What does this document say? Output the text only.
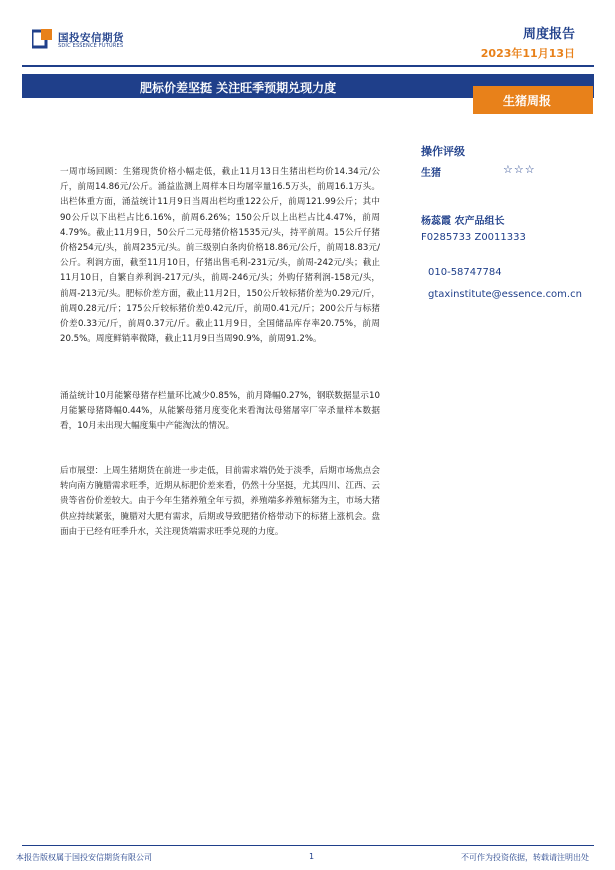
国投安信期货
SDIC ESSENCE FUTURES
周度报告
2023年11月13日
肥标价差坚挺 关注旺季预期兑现力度
生猪周报
一周市场回顾：生猪现货价格小幅走低，截止11月13日生猪出栏均价14.34元/公斤，前周14.86元/公斤。涌益监测上周样本日均屠宰量16.5万头，前周16.1万头。出栏体重方面，涌益统计11月9日当周出栏均重122公斤，前周121.99公斤；其中90公斤以下出栏占比6.16%，前周6.26%；150公斤以上出栏占比4.47%，前周4.79%。截止11月9日，50公斤二元母猪价格1535元/头，持平前周。15公斤仔猪价格254元/头，前周235元/头。前三级别白条肉价格18.86元/公斤，前周18.83元/公斤。利润方面，截至11月10日，仔猪出售毛利-231元/头，前周-242元/头；截止11月10日，自繁自养利润-217元/头，前周-246元/头；外购仔猪利润-158元/头，前周-213元/头。肥标价差方面，截止11月2日，150公斤较标猪价差为0.29元/斤，前周0.28元/斤；175公斤较标猪价差0.42元/斤，前周0.41元/斤；200公斤与标猪价差0.33元/斤，前周0.37元/斤。截止11月9日，全国储品库存率20.75%，前周20.5%。周度鲜销率微降，截止11月9日当周90.9%，前周91.2%。
涌益统计10月能繁母猪存栏量环比减少0.85%，前月降幅0.27%，钢联数据显示10月能繁母猪降幅0.44%，从能繁母猪月度变化来看淘汰母猪屠宰厂宰杀量样本数据看，10月未出现大幅度集中产能淘汰的情况。
后市展望：上周生猪期货在前进一步走低，目前需求端仍处于淡季，后期市场焦点会转向南方腌腊需求旺季，近期从标肥价差来看，仍然十分坚挺，尤其四川、江西、云贵等省份价差较大。由于今年生猪养殖全年亏损，养殖端多养殖标猪为主，市场大猪供应持续紧张，腌腊对大肥有需求，后期或导致肥猪价格带动下的标猪上涨机会。盘面由于已经有旺季升水，关注现货端需求旺季兑现的力度。
操作评级
生猪	☆☆☆
杨蕊霞 农产品组长
F0285733 Z0011333
010-58747784
gtaxinstitute@essence.com.cn
本报告版权属于国投安信期货有限公司	1	不可作为投资依据，转载请注明出处
